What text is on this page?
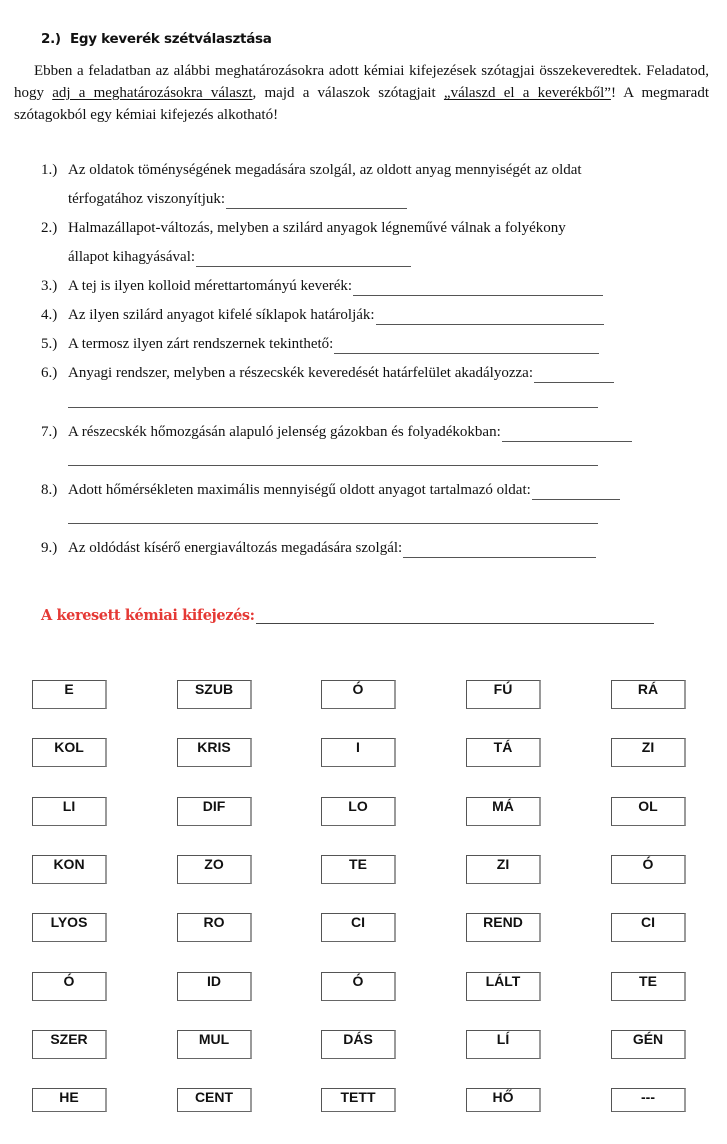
2.) Egy keverék szétválasztása
Ebben a feladatban az alábbi meghatározásokra adott kémiai kifejezések szótagjai összekeveredtek. Feladatod, hogy adj a meghatározásokra választ, majd a válaszok szótagjait „válaszd el a keverékből”! A megmaradt szótagokból egy kémiai kifejezés alkotható!
1.) Az oldatok töménységének megadására szolgál, az oldott anyag mennyiségét az oldat
térfogatához viszonyítjuk:
2.) Halmazállapot-változás, melyben a szilárd anyagok légneművé válnak a folyékony
állapot kihagyásával:
3.) A tej is ilyen kolloid mérettartományú keverék:
4.) Az ilyen szilárd anyagot kifelé síklapok határolják:
5.) A termosz ilyen zárt rendszernek tekinthető:
6.) Anyagi rendszer, melyben a részecskék keveredését határfelület akadályozza:
7.) A részecskék hőmozgásán alapuló jelenség gázokban és folyadékokban:
8.) Adott hőmérsékleten maximális mennyiségű oldott anyagot tartalmazó oldat:
9.) Az oldódást kísérő energiaváltozás megadására szolgál:
A keresett kémiai kifejezés:
E	SZUB	Ó	FÚ	RÁ
KOL	KRIS	I	TÁ	ZI
LI	DIF	LO	MÁ	OL
KON	ZO	TE	ZI	Ó
LYOS	RO	CI	REND	CI
Ó	ID	Ó	LÁLT	TE
SZER	MUL	DÁS	LÍ	GÉN
HE	CENT	TETT	HŐ	---
